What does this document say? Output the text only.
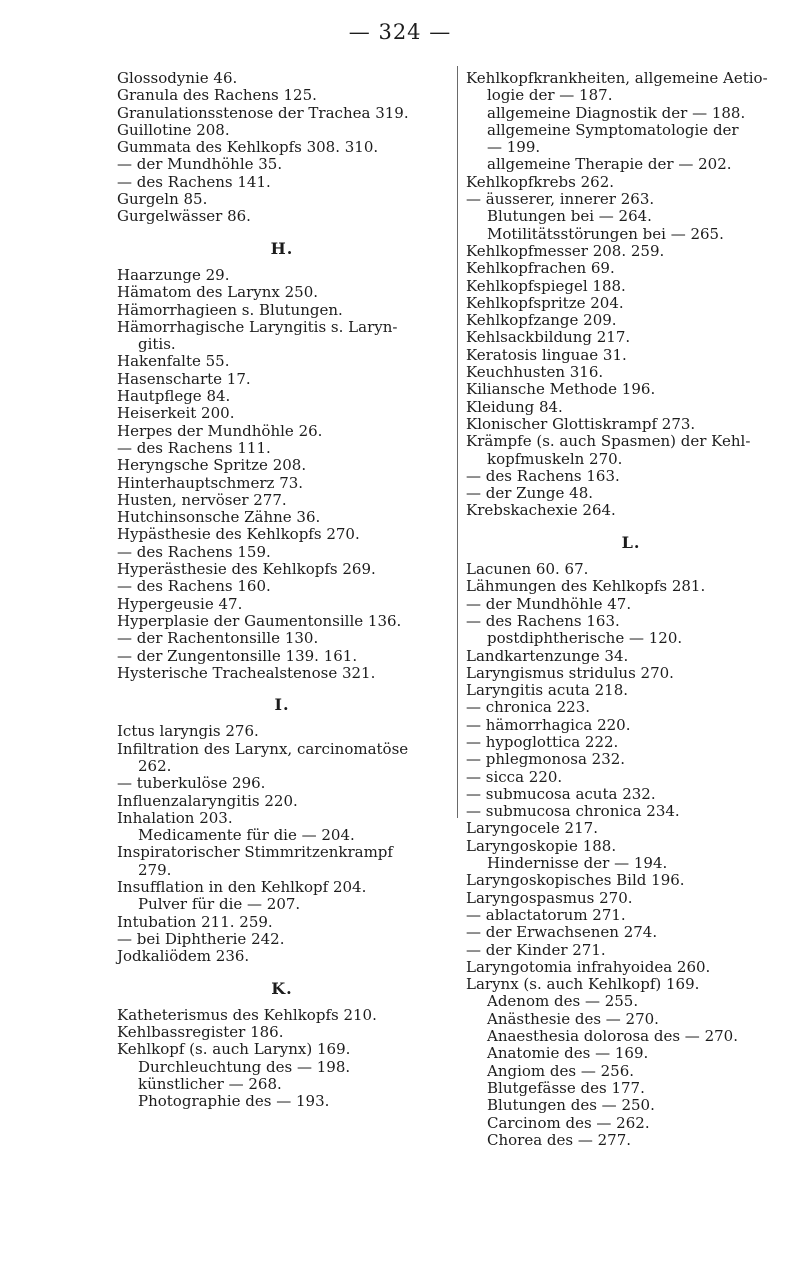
— 324 —
Glossodynie 46.
Granula des Rachens 125.
Granulationsstenose der Trachea 319.
Guillotine 208.
Gummata des Kehlkopfs 308. 310.
— der Mundhöhle 35.
— des Rachens 141.
Gurgeln 85.
Gurgelwässer 86.
H.
Haarzunge 29.
Hämatom des Larynx 250.
Hämorrhagieen s. Blutungen.
Hämorrhagische Laryngitis s. Laryn-
gitis.
Hakenfalte 55.
Hasenscharte 17.
Hautpflege 84.
Heiserkeit 200.
Herpes der Mundhöhle 26.
— des Rachens 111.
Heryngsche Spritze 208.
Hinterhauptschmerz 73.
Husten, nervöser 277.
Hutchinsonsche Zähne 36.
Hypästhesie des Kehlkopfs 270.
— des Rachens 159.
Hyperästhesie des Kehlkopfs 269.
— des Rachens 160.
Hypergeusie 47.
Hyperplasie der Gaumentonsille 136.
— der Rachentonsille 130.
— der Zungentonsille 139. 161.
Hysterische Trachealstenose 321.
I.
Ictus laryngis 276.
Infiltration des Larynx, carcinomatöse
262.
— tuberkulöse 296.
Influenzalaryngitis 220.
Inhalation 203.
Medicamente für die — 204.
Inspiratorischer Stimmritzenkrampf
279.
Insufflation in den Kehlkopf 204.
Pulver für die — 207.
Intubation 211. 259.
— bei Diphtherie 242.
Jodkaliödem 236.
K.
Katheterismus des Kehlkopfs 210.
Kehlbassregister 186.
Kehlkopf (s. auch Larynx) 169.
Durchleuchtung des — 198.
künstlicher — 268.
Photographie des — 193.
Kehlkopfkrankheiten, allgemeine Aetio-
logie der — 187.
allgemeine Diagnostik der — 188.
allgemeine Symptomatologie der
— 199.
allgemeine Therapie der — 202.
Kehlkopfkrebs 262.
— äusserer, innerer 263.
Blutungen bei — 264.
Motilitätsstörungen bei — 265.
Kehlkopfmesser 208. 259.
Kehlkopfrachen 69.
Kehlkopfspiegel 188.
Kehlkopfspritze 204.
Kehlkopfzange 209.
Kehlsackbildung 217.
Keratosis linguae 31.
Keuchhusten 316.
Kiliansche Methode 196.
Kleidung 84.
Klonischer Glottiskrampf 273.
Krämpfe (s. auch Spasmen) der Kehl-
kopfmuskeln 270.
— des Rachens 163.
— der Zunge 48.
Krebskachexie 264.
L.
Lacunen 60. 67.
Lähmungen des Kehlkopfs 281.
— der Mundhöhle 47.
— des Rachens 163.
postdiphtherische — 120.
Landkartenzunge 34.
Laryngismus stridulus 270.
Laryngitis acuta 218.
— chronica 223.
— hämorrhagica 220.
— hypoglottica 222.
— phlegmonosa 232.
— sicca 220.
— submucosa acuta 232.
— submucosa chronica 234.
Laryngocele 217.
Laryngoskopie 188.
Hindernisse der — 194.
Laryngoskopisches Bild 196.
Laryngospasmus 270.
— ablactatorum 271.
— der Erwachsenen 274.
— der Kinder 271.
Laryngotomia infrahyoidea 260.
Larynx (s. auch Kehlkopf) 169.
Adenom des — 255.
Anästhesie des — 270.
Anaesthesia dolorosa des — 270.
Anatomie des — 169.
Angiom des — 256.
Blutgefässe des 177.
Blutungen des — 250.
Carcinom des — 262.
Chorea des — 277.
